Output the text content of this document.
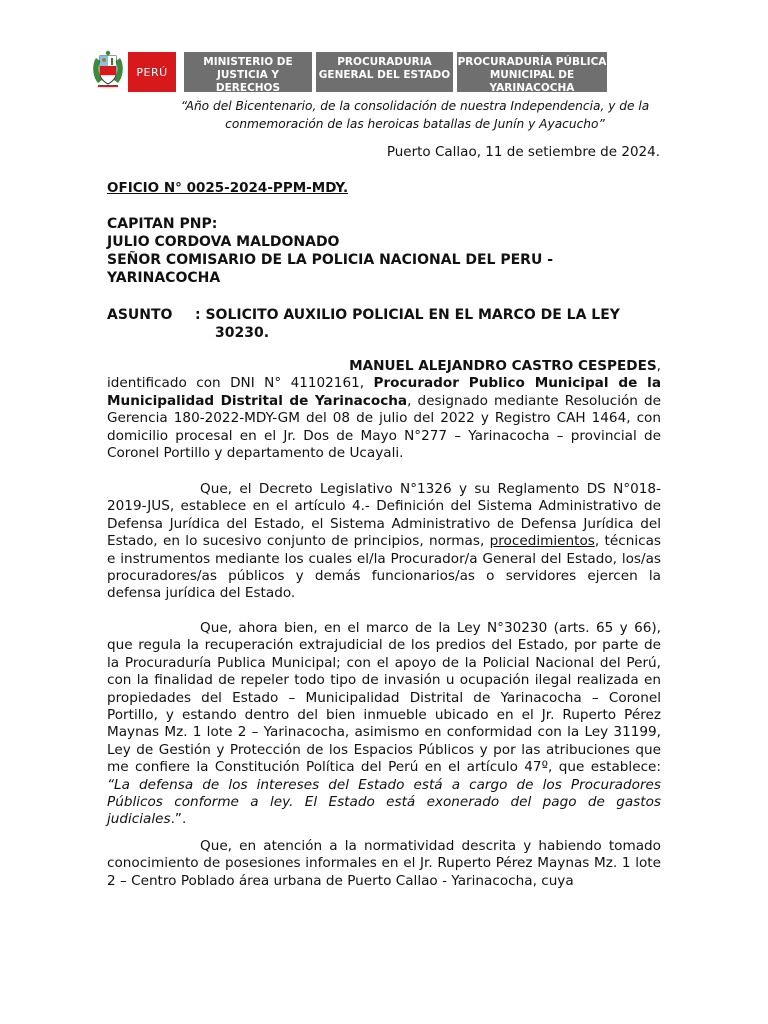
PERÚ
MINISTERIO DE JUSTICIA Y DERECHOS
PROCURADURIA GENERAL DEL ESTADO
PROCURADURÍA PÚBLICA MUNICIPAL DE YARINACOCHA
“Año del Bicentenario, de la consolidación de nuestra Independencia, y de la
conmemoración de las heroicas batallas de Junín y Ayacucho”
Puerto Callao, 11 de setiembre de 2024.
OFICIO N° 0025-2024-PPM-MDY.
CAPITAN PNP:
JULIO CORDOVA MALDONADO
SEÑOR COMISARIO DE LA POLICIA NACIONAL DEL PERU -
YARINACOCHA
ASUNTO : SOLICITO AUXILIO POLICIAL EN EL MARCO DE LA LEY
30230.
MANUEL ALEJANDRO CASTRO CESPEDES,
identificado con DNI N° 41102161, Procurador Publico Municipal de la Municipalidad Distrital de Yarinacocha, designado mediante Resolución de Gerencia 180-2022-MDY-GM del 08 de julio del 2022 y Registro CAH 1464, con domicilio procesal en el Jr. Dos de Mayo N°277 – Yarinacocha – provincial de Coronel Portillo y departamento de Ucayali.
Que, el Decreto Legislativo N°1326 y su Reglamento DS N°018-2019-JUS, establece en el artículo 4.- Definición del Sistema Administrativo de Defensa Jurídica del Estado, el Sistema Administrativo de Defensa Jurídica del Estado, en lo sucesivo conjunto de principios, normas, procedimientos, técnicas e instrumentos mediante los cuales el/la Procurador/a General del Estado, los/as procuradores/as públicos y demás funcionarios/as o servidores ejercen la defensa jurídica del Estado.
Que, ahora bien, en el marco de la Ley N°30230 (arts. 65 y 66), que regula la recuperación extrajudicial de los predios del Estado, por parte de la Procuraduría Publica Municipal; con el apoyo de la Policial Nacional del Perú, con la finalidad de repeler todo tipo de invasión u ocupación ilegal realizada en propiedades del Estado – Municipalidad Distrital de Yarinacocha – Coronel Portillo, y estando dentro del bien inmueble ubicado en el Jr. Ruperto Pérez Maynas Mz. 1 lote 2 – Yarinacocha, asimismo en conformidad con la Ley 31199, Ley de Gestión y Protección de los Espacios Públicos y por las atribuciones que me confiere la Constitución Política del Perú en el artículo 47º, que establece: “La defensa de los intereses del Estado está a cargo de los Procuradores Públicos conforme a ley. El Estado está exonerado del pago de gastos judiciales.”.
Que, en atención a la normatividad descrita y habiendo tomado conocimiento de posesiones informales en el Jr. Ruperto Pérez Maynas Mz. 1 lote 2 – Centro Poblado área urbana de Puerto Callao - Yarinacocha, cuya
